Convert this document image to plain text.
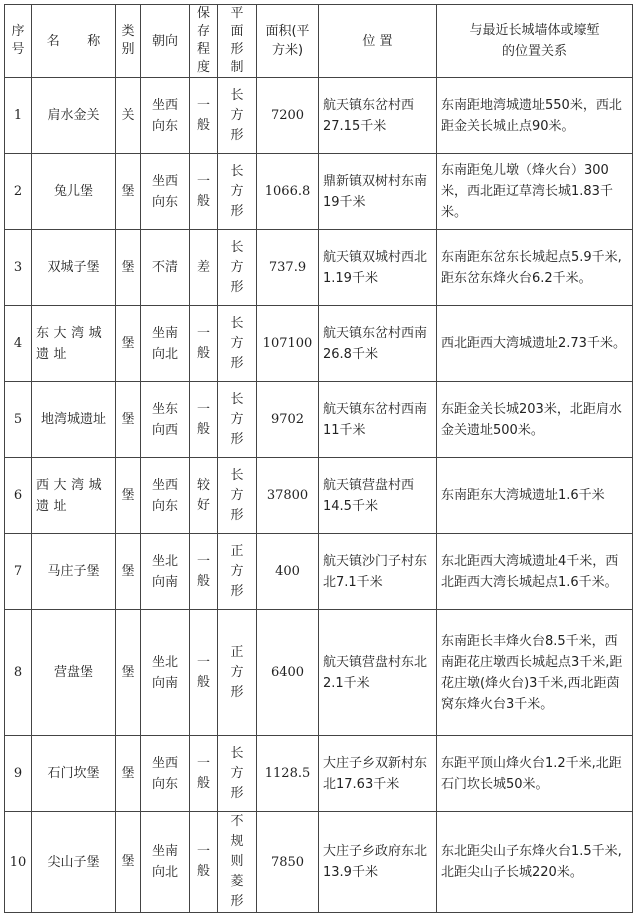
序号	名 称	类别	朝向	保存程度	平面形制	面积(平方米)	位 置	与最近长城墙体或壕堑的位置关系
1	肩水金关	关	坐西向东	一般	长方形	7200	航天镇东岔村西27.15千米	东南距地湾城遗址550米，西北距金关长城止点90米。
2	兔儿堡	堡	坐西向东	一般	长方形	1066.8	鼎新镇双树村东南19千米	东南距兔儿墩（烽火台）300米，西北距辽草湾长城1.83千米。
3	双城子堡	堡	不清	差	长方形	737.9	航天镇双城村西北1.19千米	东南距东岔东长城起点5.9千米,距东岔东烽火台6.2千米。
4	东大湾城遗址	堡	坐南向北	一般	长方形	107100	航天镇东岔村西南26.8千米	西北距西大湾城遗址2.73千米。
5	地湾城遗址	堡	坐东向西	一般	长方形	9702	航天镇东岔村西南11千米	东距金关长城203米，北距肩水金关遗址500米。
6	西大湾城遗址	堡	坐西向东	较好	长方形	37800	航天镇营盘村西14.5千米	东南距东大湾城遗址1.6千米
7	马庄子堡	堡	坐北向南	一般	正方形	400	航天镇沙门子村东北7.1千米	东北距西大湾城遗址4千米，西北距西大湾长城起点1.6千米。
8	营盘堡	堡	坐北向南	一般	正方形	6400	航天镇营盘村东北2.1千米	东南距长丰烽火台8.5千米，西南距花庄墩西长城起点3千米,距花庄墩(烽火台)3千米,西北距茵窝东烽火台3千米。
9	石门坎堡	堡	坐西向东	一般	长方形	1128.5	大庄子乡双新村东北17.63千米	东距平顶山烽火台1.2千米,北距石门坎长城50米。
10	尖山子堡	堡	坐南向北	一般	不规则菱形	7850	大庄子乡政府东北13.9千米	东北距尖山子东烽火台1.5千米,北距尖山子长城220米。
